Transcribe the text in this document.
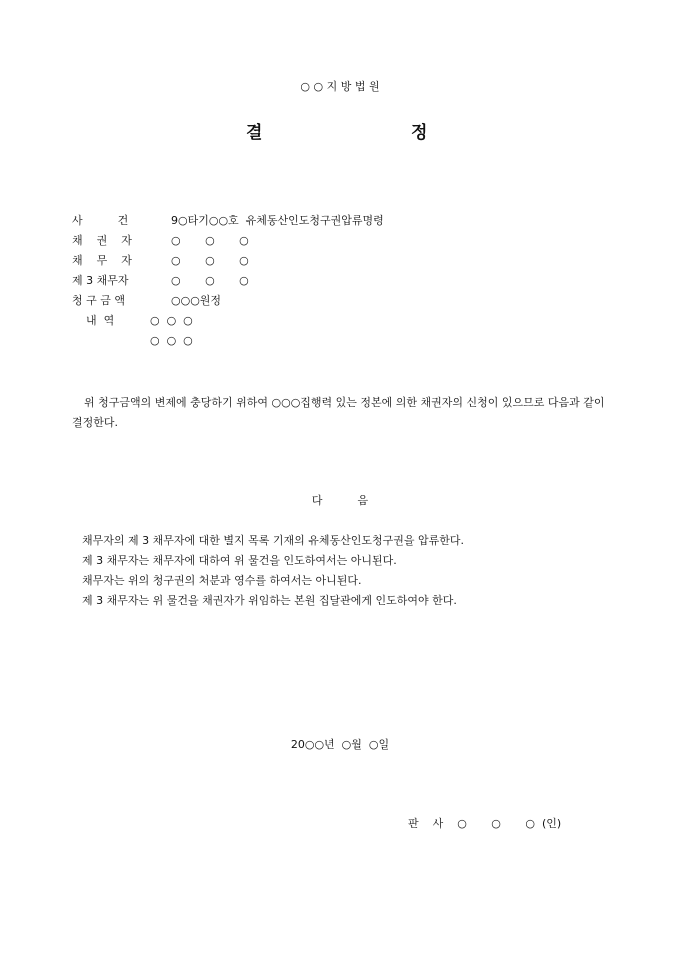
○ ○ 지 방 법 원
결	정
사          건	9○타기○○호  유체동산인도청구권압류명령
채    권    자	○       ○       ○
채    무    자	○       ○       ○
제 3 채무자	○       ○       ○
청 구 금 액	○○○원정
내  역	○  ○  ○
○  ○  ○
위 청구금액의 변제에 충당하기 위하여 ○○○집행력 있는 정본에 의한 채권자의 신청이 있으므로 다음과 같이 결정한다.
다          음
채무자의 제 3 채무자에 대한 별지 목록 기재의 유체동산인도청구권을 압류한다.
제 3 채무자는 채무자에 대하여 위 물건을 인도하여서는 아니된다.
채무자는 위의 청구권의 처분과 영수를 하여서는 아니된다.
제 3 채무자는 위 물건을 채권자가 위임하는 본원 집달관에게 인도하여야 한다.
20○○년  ○월  ○일
판    사    ○       ○       ○  (인)
